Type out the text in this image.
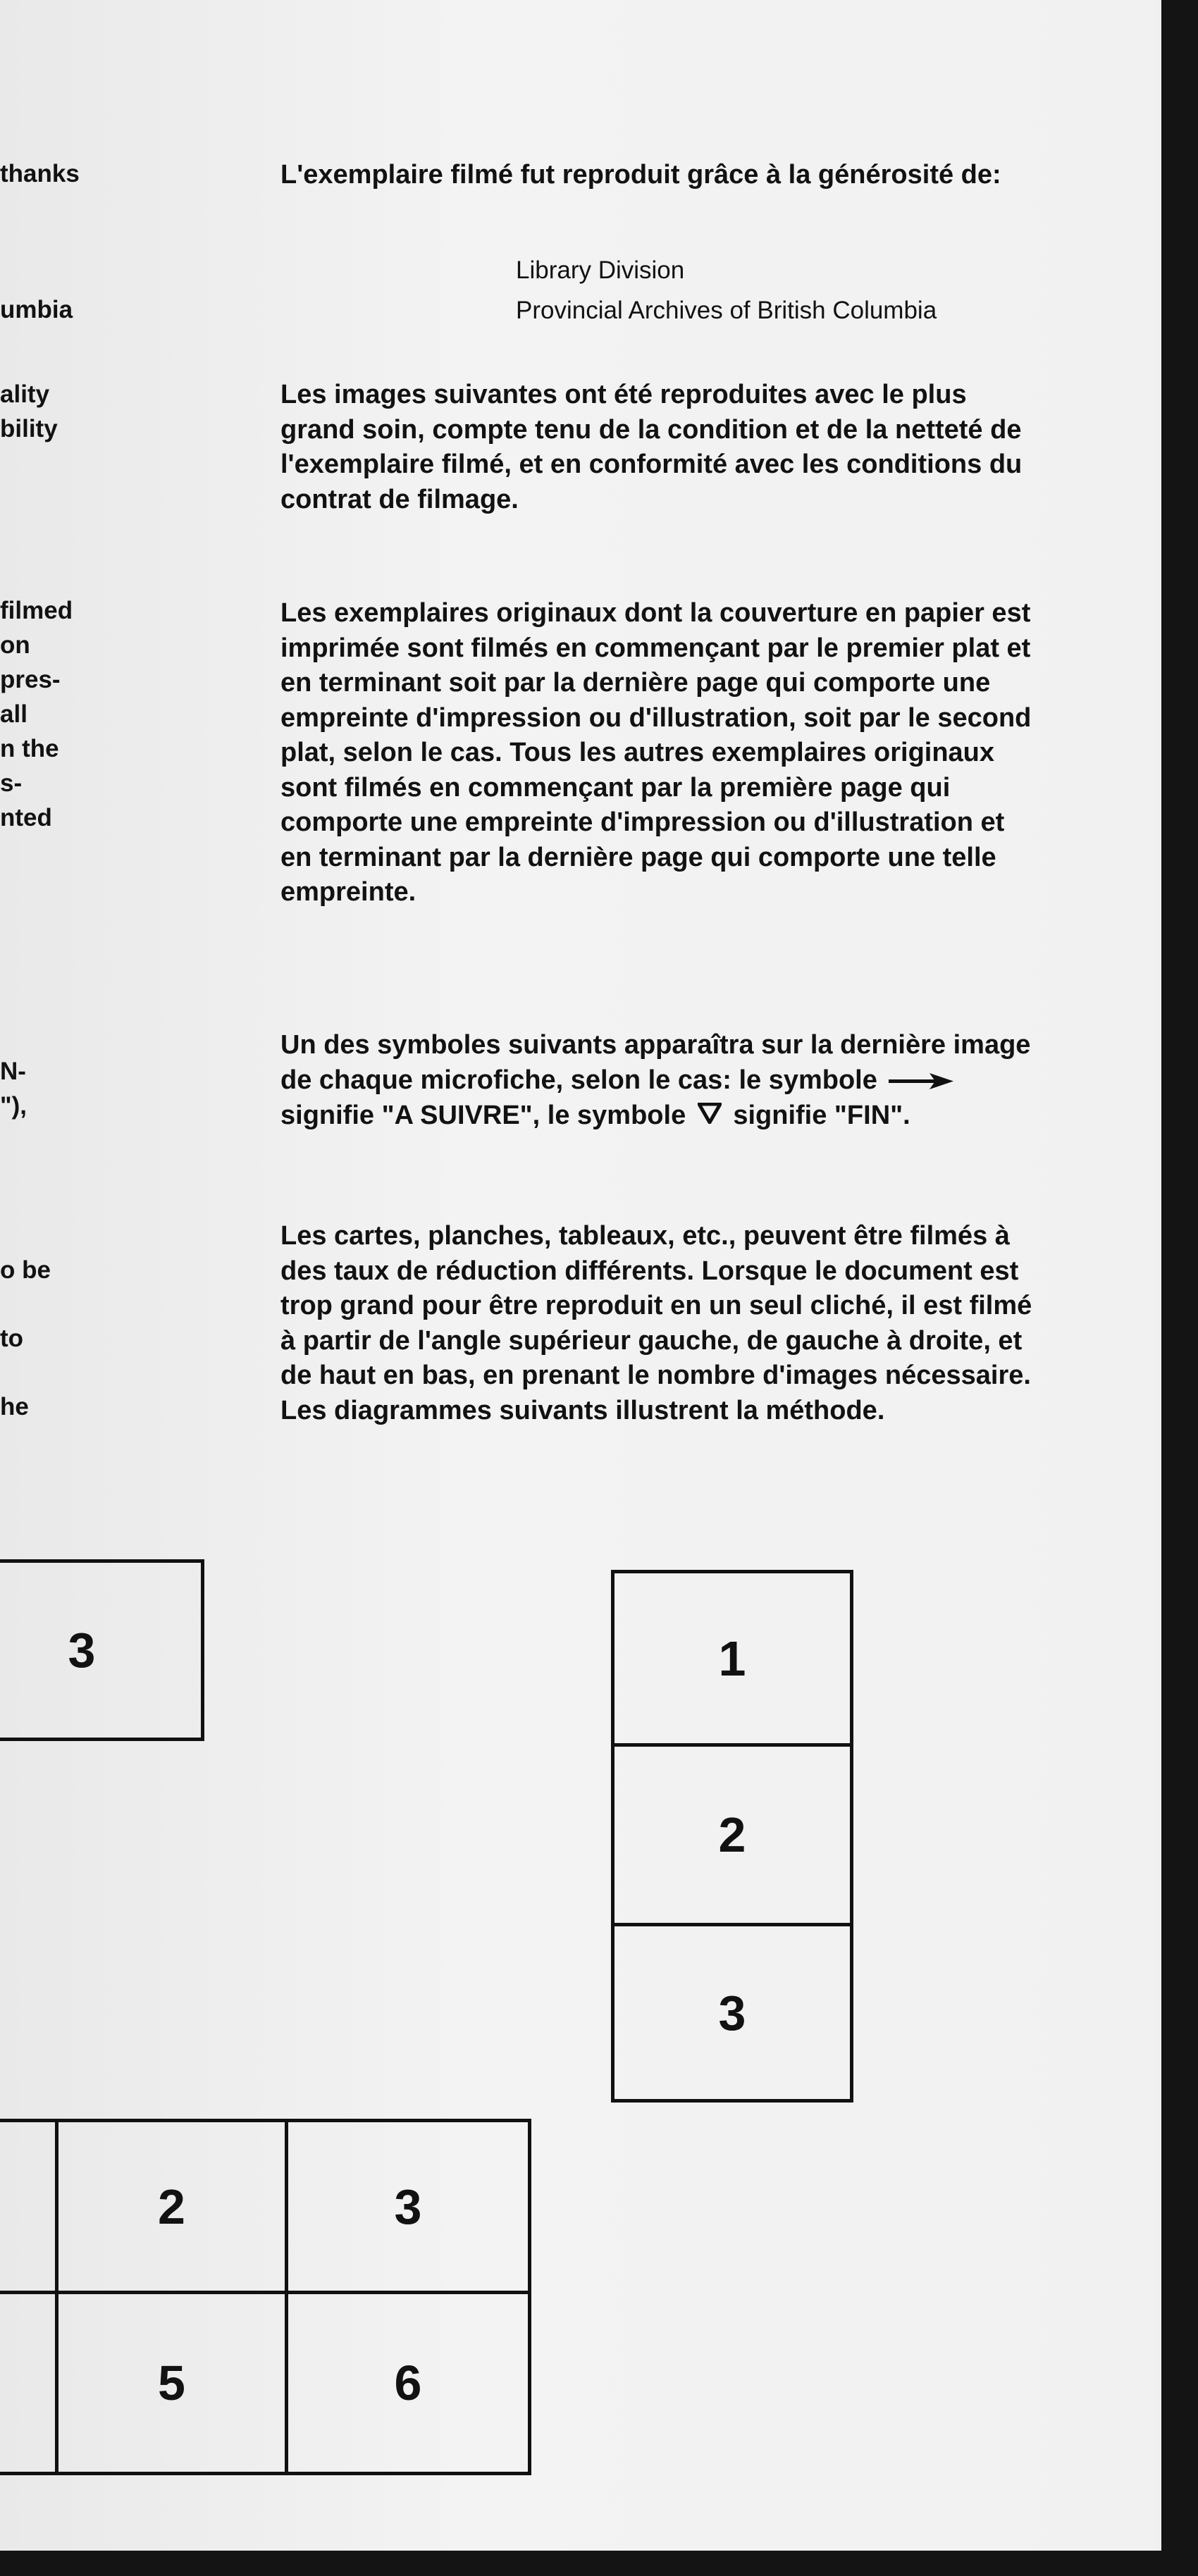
thanks
umbia
ality
bility
filmed
on
pres-
all
n the
s-
nted
N-
"),
o be
to
he
L'exemplaire filmé fut reproduit grâce à la générosité de:
Library Division
Provincial Archives of British Columbia
Les images suivantes ont été reproduites avec le plus grand soin, compte tenu de la condition et de la netteté de l'exemplaire filmé, et en conformité avec les conditions du contrat de filmage.
Les exemplaires originaux dont la couverture en papier est imprimée sont filmés en commençant par le premier plat et en terminant soit par la dernière page qui comporte une empreinte d'impression ou d'illustration, soit par le second plat, selon le cas. Tous les autres exemplaires originaux sont filmés en commençant par la première page qui comporte une empreinte d'impression ou d'illustration et en terminant par la dernière page qui comporte une telle empreinte.
Un des symboles suivants apparaîtra sur la dernière image de chaque microfiche, selon le cas: le symbole  signifie "A SUIVRE", le symbole signifie "FIN".
Les cartes, planches, tableaux, etc., peuvent être filmés à des taux de réduction différents. Lorsque le document est trop grand pour être reproduit en un seul cliché, il est filmé à partir de l'angle supérieur gauche, de gauche à droite, et de haut en bas, en prenant le nombre d'images nécessaire. Les diagrammes suivants illustrent la méthode.
3	1
2
3
2	3
5	6
